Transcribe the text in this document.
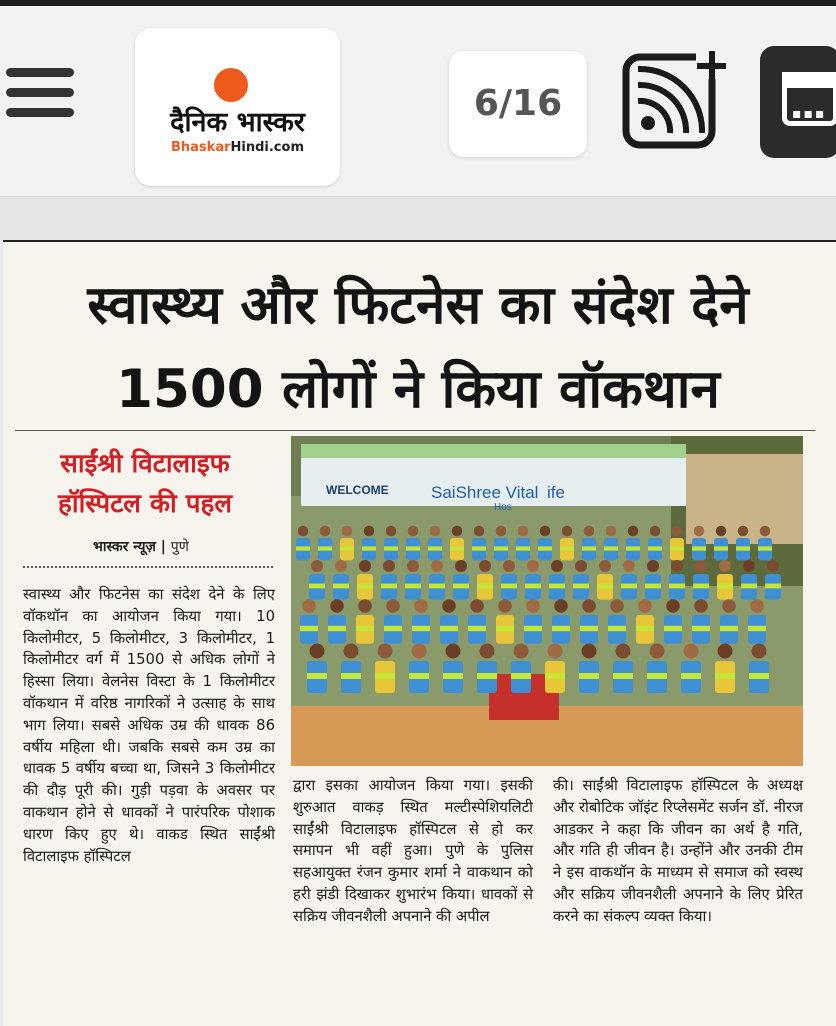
दैनिक भास्कर
BhaskarHindi.com
6/16	▪▪▪
स्वास्थ्य और फिटनेस का संदेश देने
1500 लोगों ने किया वॉकथान
साईंश्री विटालाइफ
हॉस्पिटल की पहल
भास्कर न्यूज़ | पुणे
WELCOME SaiShree Vital ife
Hos
स्वास्थ्य और फिटनेस का संदेश देने के लिए वॉकथॉन का आयोजन किया गया। 10 किलोमीटर, 5 किलोमीटर, 3 किलोमीटर, 1 किलोमीटर वर्ग में 1500 से अधिक लोगों ने हिस्सा लिया। वेलनेस विस्टा के 1 किलोमीटर वॉकथान में वरिष्ठ नागरिकों ने उत्साह के साथ भाग लिया। सबसे अधिक उम्र की धावक 86 वर्षीय महिला थी। जबकि सबसे कम उम्र का धावक 5 वर्षीय बच्चा था, जिसने 3 किलोमीटर की दौड़ पूरी की। गुड़ी पड़वा के अवसर पर वाकथान होने से धावकों ने पारंपरिक पोशाक धारण किए हुए थे। वाकड स्थित साईंश्री विटालाइफ हॉस्पिटल
द्वारा इसका आयोजन किया गया। इसकी शुरुआत वाकड़ स्थित मल्टीस्पेशियलिटी साईंश्री विटालाइफ हॉस्पिटल से हो कर समापन भी वहीं हुआ। पुणे के पुलिस सहआयुक्त रंजन कुमार शर्मा ने वाकथान को हरी झंडी दिखाकर शुभारंभ किया। धावकों से सक्रिय जीवनशैली अपनाने की अपील
की। साईंश्री विटालाइफ हॉस्पिटल के अध्यक्ष और रोबोटिक जॉइंट रिप्लेसमेंट सर्जन डॉ. नीरज आडकर ने कहा कि जीवन का अर्थ है गति, और गति ही जीवन है। उन्होंने और उनकी टीम ने इस वाकथॉन के माध्यम से समाज को स्वस्थ और सक्रिय जीवनशैली अपनाने के लिए प्रेरित करने का संकल्प व्यक्त किया।
